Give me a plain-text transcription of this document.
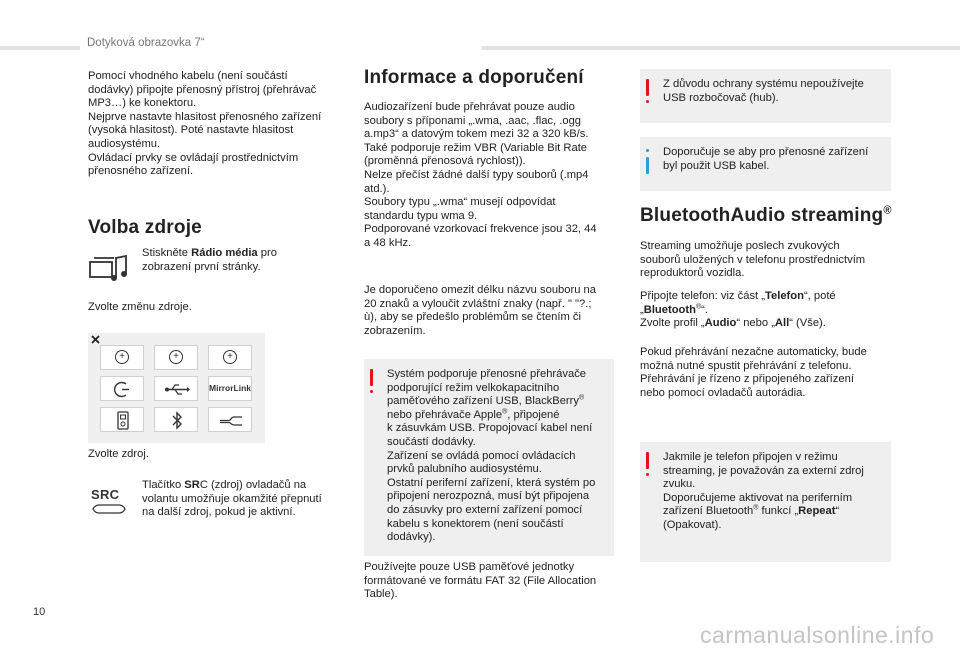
Dotyková obrazovka 7“

Pomocí vhodného kabelu (není součástí
dodávky) připojte přenosný přístroj (přehrávač
MP3…) ke konektoru.
Nejprve nastavte hlasitost přenosného zařízení
(vysoká hlasitost). Poté nastavte hlasitost
audiosystému.
Ovládací prvky se ovládají prostřednictvím
přenosného zařízení.

Volba zdroje

Stiskněte Rádio média pro
zobrazení první stránky.

Zvolte změnu zdroje.
+	+	+
MirrorLink
Zvolte zdroj.
SRC

Tlačítko SRC (zdroj) ovladačů na
volantu umožňuje okamžité přepnutí
na další zdroj, pokud je aktivní.

Informace a doporučení

Audiozařízení bude přehrávat pouze audio
soubory s příponami „.wma, .aac, .flac, .ogg
a.mp3“ a datovým tokem mezi 32 a 320 kB/s.
Také podporuje režim VBR (Variable Bit Rate
(proměnná přenosová rychlost)).
Nelze přečíst žádné další typy souborů (.mp4
atd.).
Soubory typu „.wma“ musejí odpovídat
standardu typu wma 9.
Podporované vzorkovací frekvence jsou 32, 44
a 48 kHz.

Je doporučeno omezit délku názvu souboru na
20 znaků a vyloučit zvláštní znaky (např. " "?.;
ù), aby se předešlo problémům se čtením či
zobrazením.

Systém podporuje přenosné přehrávače
podporující režim velkokapacitního
paměťového zařízení USB, BlackBerry®
nebo přehrávače Apple®, připojené
k zásuvkám USB. Propojovací kabel není
součástí dodávky.
Zařízení se ovládá pomocí ovládacích
prvků palubního audiosystému.
Ostatní periferní zařízení, která systém po
připojení nerozpozná, musí být připojena
do zásuvky pro externí zařízení pomocí
kabelu s konektorem (není součástí
dodávky).

Používejte pouze USB paměťové jednotky
formátované ve formátu FAT 32 (File Allocation
Table).

Z důvodu ochrany systému nepoužívejte
USB rozbočovač (hub).
Doporučuje se aby pro přenosné zařízení
byl použit USB kabel.
BluetoothAudio streaming®

Streaming umožňuje poslech zvukových
souborů uložených v telefonu prostřednictvím
reproduktorů vozidla.

Připojte telefon: viz část „Telefon“, poté
„Bluetooth®“.
Zvolte profil „Audio“ nebo „All“ (Vše).

Pokud přehrávání nezačne automaticky, bude
možná nutné spustit přehrávání z telefonu.
Přehrávání je řízeno z připojeného zařízení
nebo pomocí ovladačů autorádia.

Jakmile je telefon připojen v režimu
streaming, je považován za externí zdroj
zvuku.
Doporučujeme aktivovat na periferním
zařízení Bluetooth® funkcí „Repeat“
(Opakovat).
10
carmanualsonline.info
